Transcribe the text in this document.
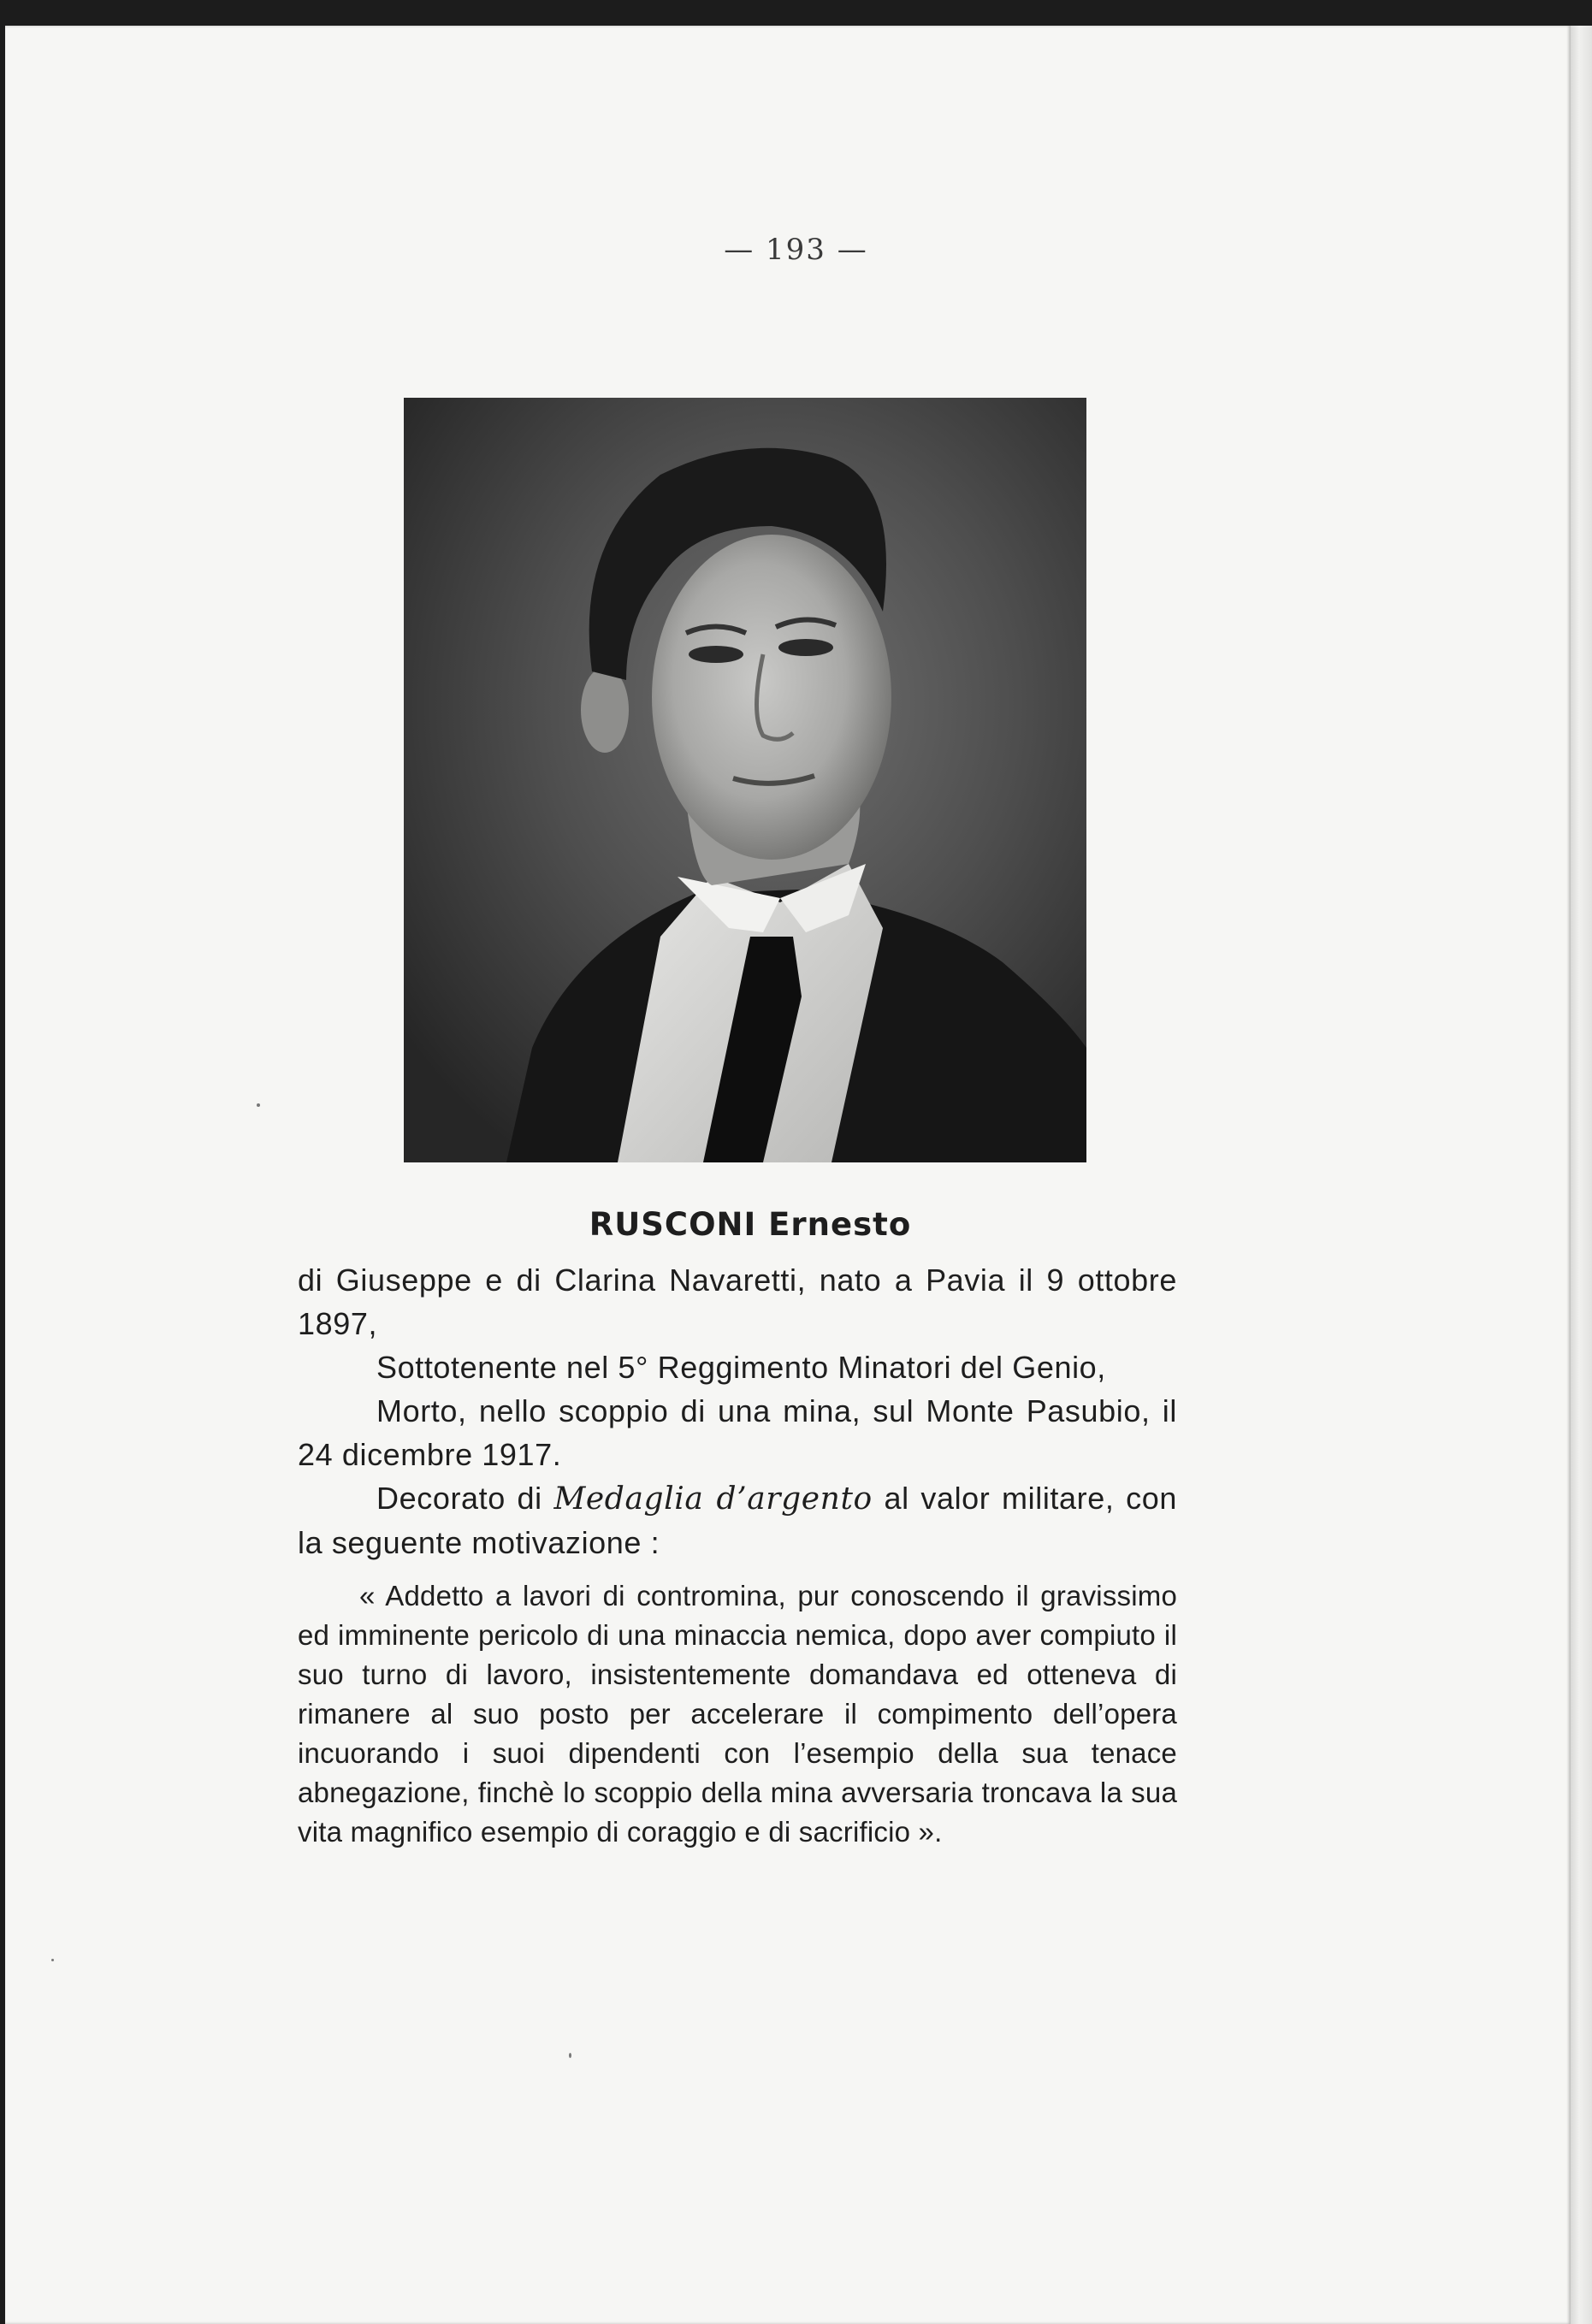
— 193 —
RUSCONI Ernesto

di Giuseppe e di Clarina Navaretti, nato a Pavia il 9 ottobre 1897,

Sottotenente nel 5° Reggimento Minatori del Genio,

Morto, nello scoppio di una mina, sul Monte Pasubio, il 24 dicembre 1917.

Decorato di Medaglia d’argento al valor militare, con la seguente motivazione :

« Addetto a lavori di contromina, pur conoscendo il gravissimo ed imminente pericolo di una minaccia nemica, dopo aver compiuto il suo turno di lavoro, insistentemente domandava ed otteneva di rimanere al suo posto per accelerare il compimento dell’opera incuorando i suoi dipendenti con l’esempio della sua tenace abnegazione, finchè lo scoppio della mina avversaria troncava la sua vita magnifico esempio di coraggio e di sacrificio ».
